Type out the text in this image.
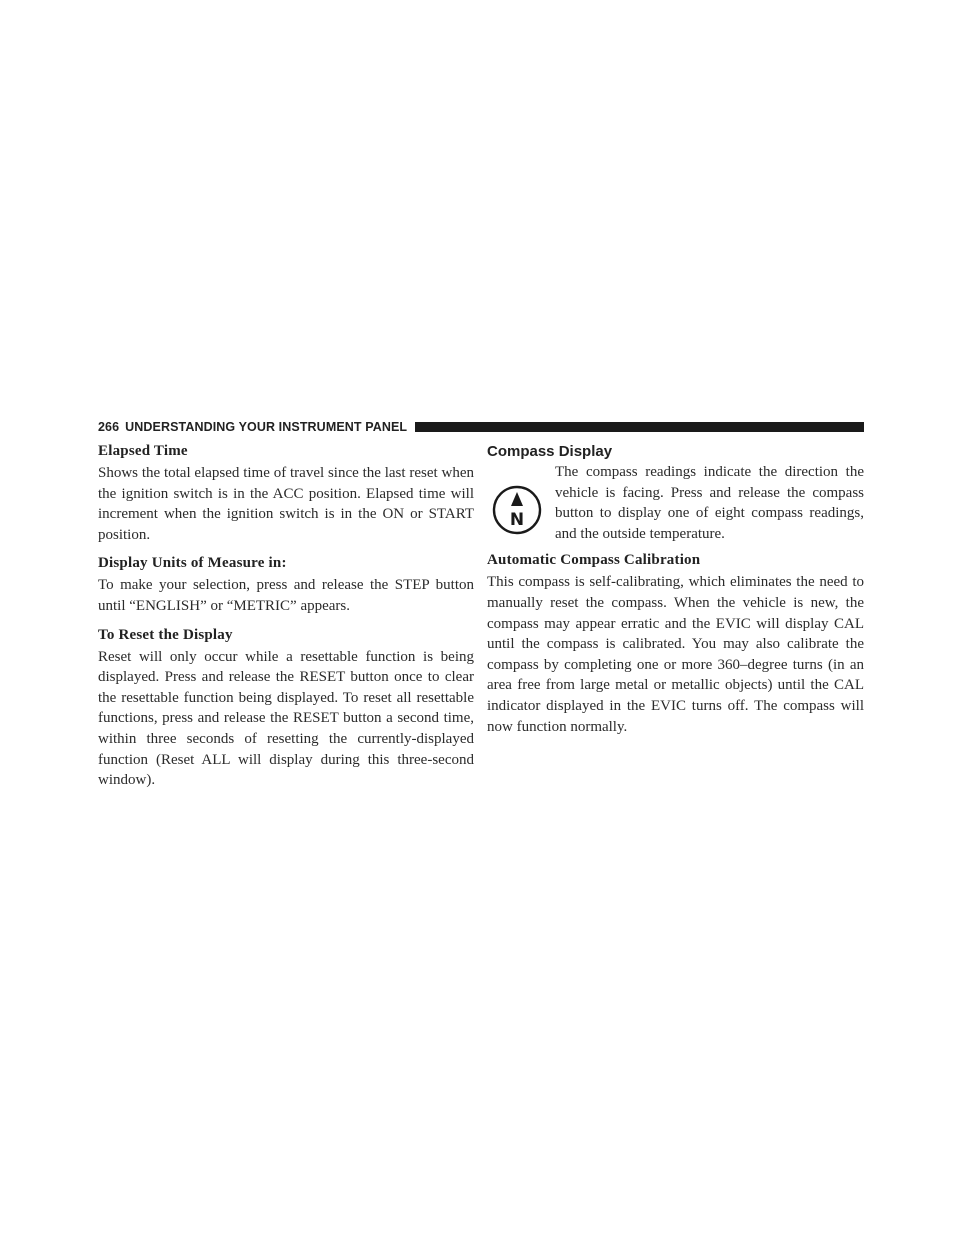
266 UNDERSTANDING YOUR INSTRUMENT PANEL
Elapsed Time

Shows the total elapsed time of travel since the last reset when the ignition switch is in the ACC position. Elapsed time will increment when the ignition switch is in the ON or START position.

Display Units of Measure in:

To make your selection, press and release the STEP button until “ENGLISH” or “METRIC” appears.

To Reset the Display

Reset will only occur while a resettable function is being displayed. Press and release the RESET button once to clear the resettable function being displayed. To reset all resettable functions, press and release the RESET button a second time, within three seconds of resetting the currently-displayed function (Reset ALL will display during this three-second window).

Compass Display
N

The compass readings indicate the direction the vehicle is facing. Press and release the compass button to display one of eight compass readings, and the outside temperature.

Automatic Compass Calibration

This compass is self-calibrating, which eliminates the need to manually reset the compass. When the vehicle is new, the compass may appear erratic and the EVIC will display CAL until the compass is calibrated. You may also calibrate the compass by completing one or more 360–degree turns (in an area free from large metal or metallic objects) until the CAL indicator displayed in the EVIC turns off. The compass will now function normally.
